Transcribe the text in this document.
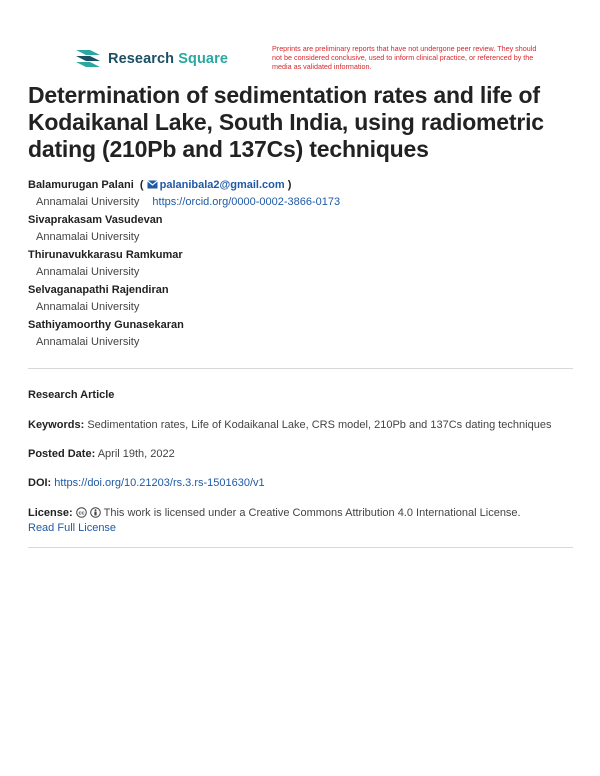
Research Square
Preprints are preliminary reports that have not undergone peer review. They should not be considered conclusive, used to inform clinical practice, or referenced by the media as validated information.
Determination of sedimentation rates and life of Kodaikanal Lake, South India, using radiometric dating (210Pb and 137Cs) techniques
Balamurugan Palani  ( palanibala2@gmail.com )
Annamalai University https://orcid.org/0000-0002-3866-0173
Sivaprakasam Vasudevan
Annamalai University
Thirunavukkarasu Ramkumar
Annamalai University
Selvaganapathi Rajendiran
Annamalai University
Sathiyamoorthy Gunasekaran
Annamalai University
Research Article
Keywords: Sedimentation rates, Life of Kodaikanal Lake, CRS model, 210Pb and 137Cs dating techniques
Posted Date: April 19th, 2022
DOI: https://doi.org/10.21203/rs.3.rs-1501630/v1
License: cc This work is licensed under a Creative Commons Attribution 4.0 International License.
Read Full License
